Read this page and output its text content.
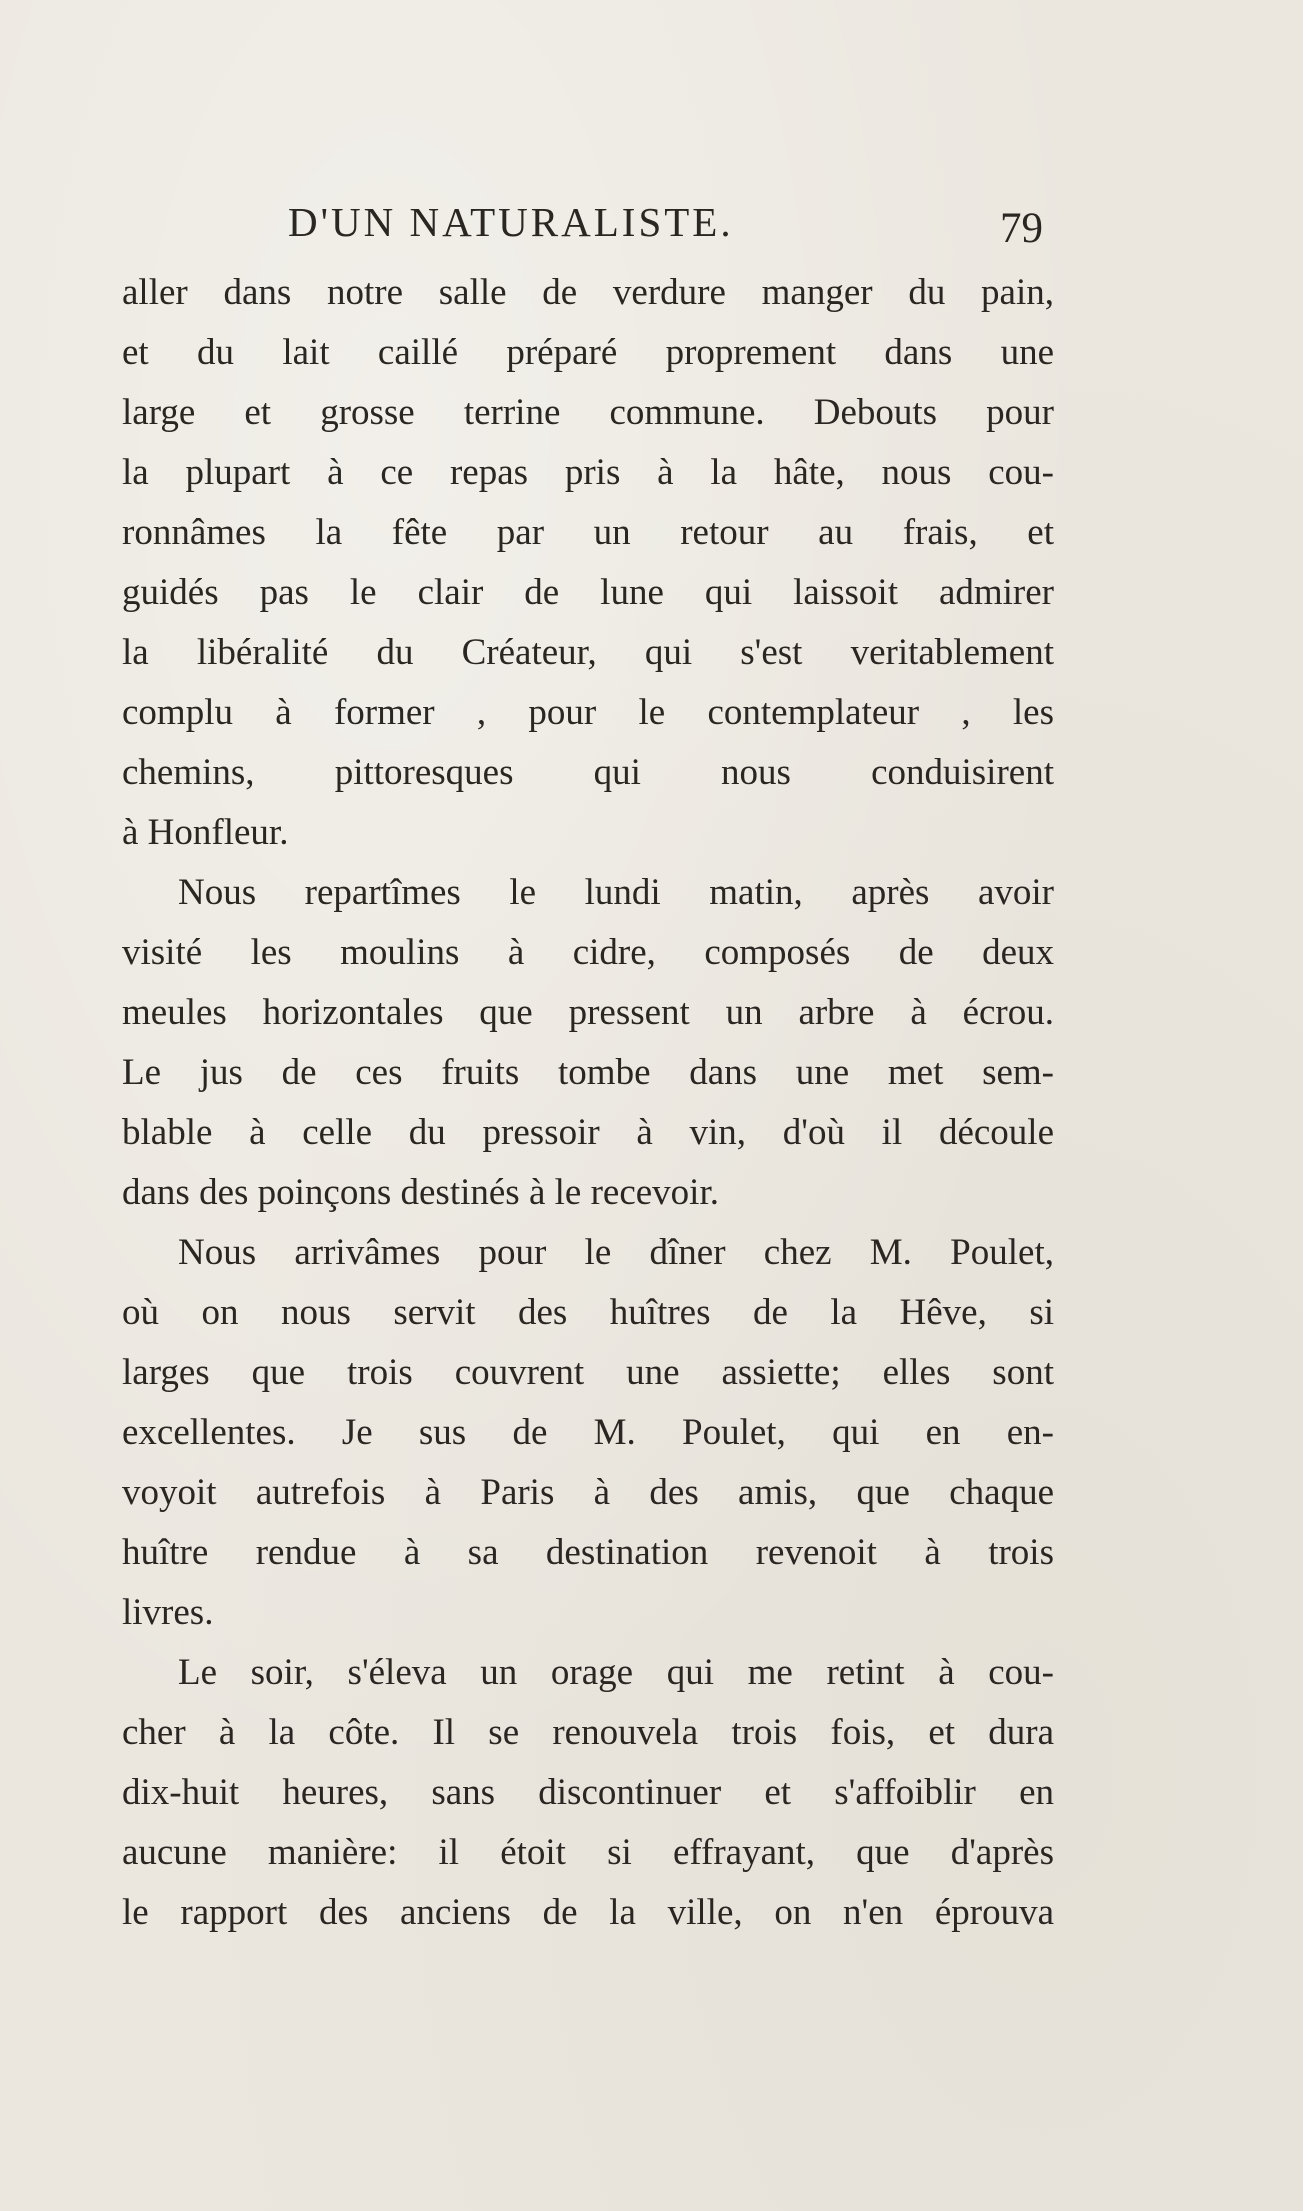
D'UN NATURALISTE.	79
aller dans notre salle de verdure manger du pain,
et du lait caillé préparé proprement dans une
large et grosse terrine commune. Debouts pour
la plupart à ce repas pris à la hâte, nous cou-
ronnâmes la fête par un retour au frais, et
guidés pas le clair de lune qui laissoit admirer
la libéralité du Créateur, qui s'est veritablement
complu à former , pour le contemplateur , les
chemins, pittoresques qui nous conduisirent
à Honfleur.
Nous repartîmes le lundi matin, après avoir
visité les moulins à cidre, composés de deux
meules horizontales que pressent un arbre à écrou.
Le jus de ces fruits tombe dans une met sem-
blable à celle du pressoir à vin, d'où il découle
dans des poinçons destinés à le recevoir.
Nous arrivâmes pour le dîner chez M. Poulet,
où on nous servit des huîtres de la Hêve, si
larges que trois couvrent une assiette; elles sont
excellentes. Je sus de M. Poulet, qui en en-
voyoit autrefois à Paris à des amis, que chaque
huître rendue à sa destination revenoit à trois
livres.
Le soir, s'éleva un orage qui me retint à cou-
cher à la côte. Il se renouvela trois fois, et dura
dix-huit heures, sans discontinuer et s'affoiblir en
aucune manière: il étoit si effrayant, que d'après
le rapport des anciens de la ville, on n'en éprouva
